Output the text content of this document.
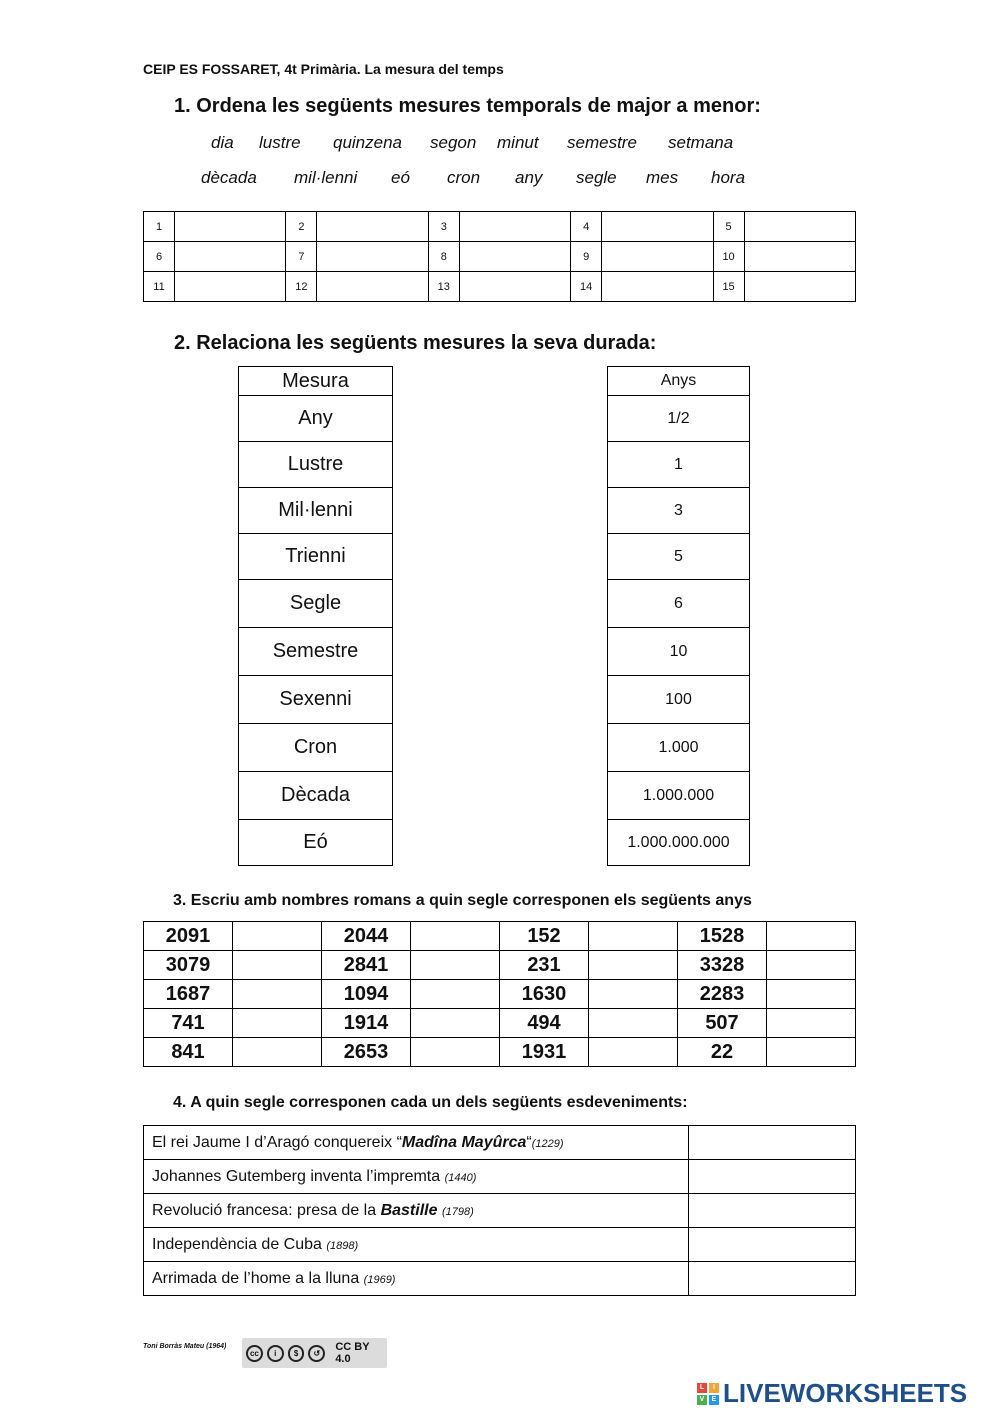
CEIP ES FOSSARET, 4t Primària. La mesura del temps
1. Ordena les següents mesures temporals de major a menor:
dia lustre quinzena segon minut semestre setmana
dècada mil·lenni eó cron any segle mes hora
1		2		3		4		5	
6		7		8		9		10	
11		12		13		14		15	
2. Relaciona les següents mesures la seva durada:
Mesura
Any
Lustre
Mil·lenni
Trienni
Segle
Semestre
Sexenni
Cron
Dècada
Eó
Anys
1/2
1
3
5
6
10
100
1.000
1.000.000
1.000.000.000
3. Escriu amb nombres romans a quin segle corresponen els següents anys
2091		2044		152		1528	
3079		2841		231		3328	
1687		1094		1630		2283	
741		1914		494		507	
841		2653		1931		22	
4. A quin segle corresponen cada un dels següents esdeveniments:
El rei Jaume I d’Aragó conquereix “Madîna Mayûrca“(1229)	
Johannes Gutemberg inventa l’impremta (1440)	
Revolució francesa: presa de la Bastille (1798)	
Independència de Cuba (1898)	
Arrimada de l’home a la lluna (1969)	
Toni Borràs Mateu (1964)
cc	i	$	↺	CC BY 4.0
L	I
V	E LIVEWORKSHEETS
